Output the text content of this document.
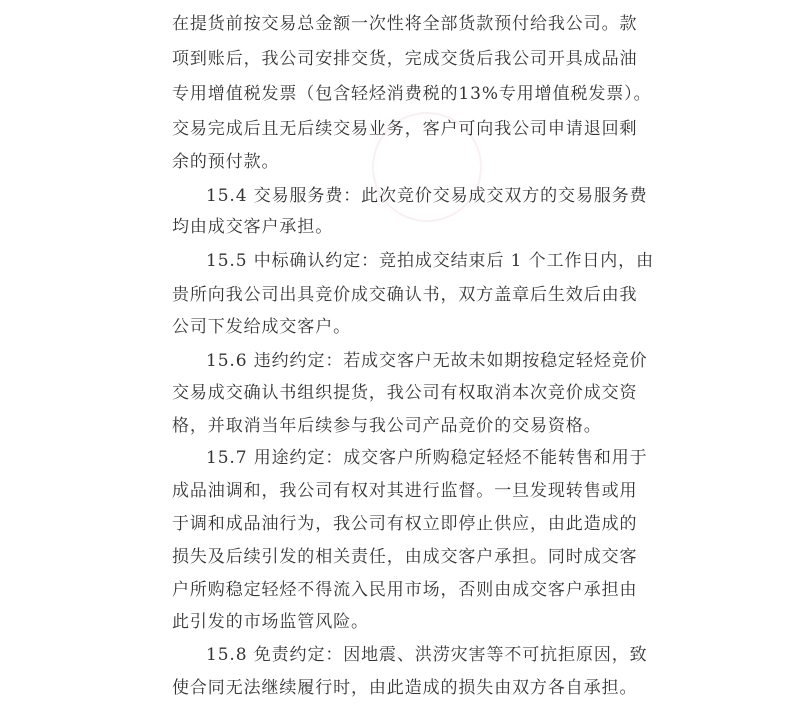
在提货前按交易总金额一次性将全部货款预付给我公司。款
项到账后，我公司安排交货，完成交货后我公司开具成品油
专用增值税发票（包含轻烃消费税的13%专用增值税发票）。
交易完成后且无后续交易业务，客户可向我公司申请退回剩
余的预付款。
15.4 交易服务费：此次竞价交易成交双方的交易服务费
均由成交客户承担。
15.5 中标确认约定：竞拍成交结束后 1 个工作日内，由
贵所向我公司出具竞价成交确认书，双方盖章后生效后由我
公司下发给成交客户。
15.6 违约约定：若成交客户无故未如期按稳定轻烃竞价
交易成交确认书组织提货，我公司有权取消本次竞价成交资
格，并取消当年后续参与我公司产品竞价的交易资格。
15.7 用途约定：成交客户所购稳定轻烃不能转售和用于
成品油调和，我公司有权对其进行监督。一旦发现转售或用
于调和成品油行为，我公司有权立即停止供应，由此造成的
损失及后续引发的相关责任，由成交客户承担。同时成交客
户所购稳定轻烃不得流入民用市场，否则由成交客户承担由
此引发的市场监管风险。
15.8 免责约定：因地震、洪涝灾害等不可抗拒原因，致
使合同无法继续履行时，由此造成的损失由双方各自承担。
